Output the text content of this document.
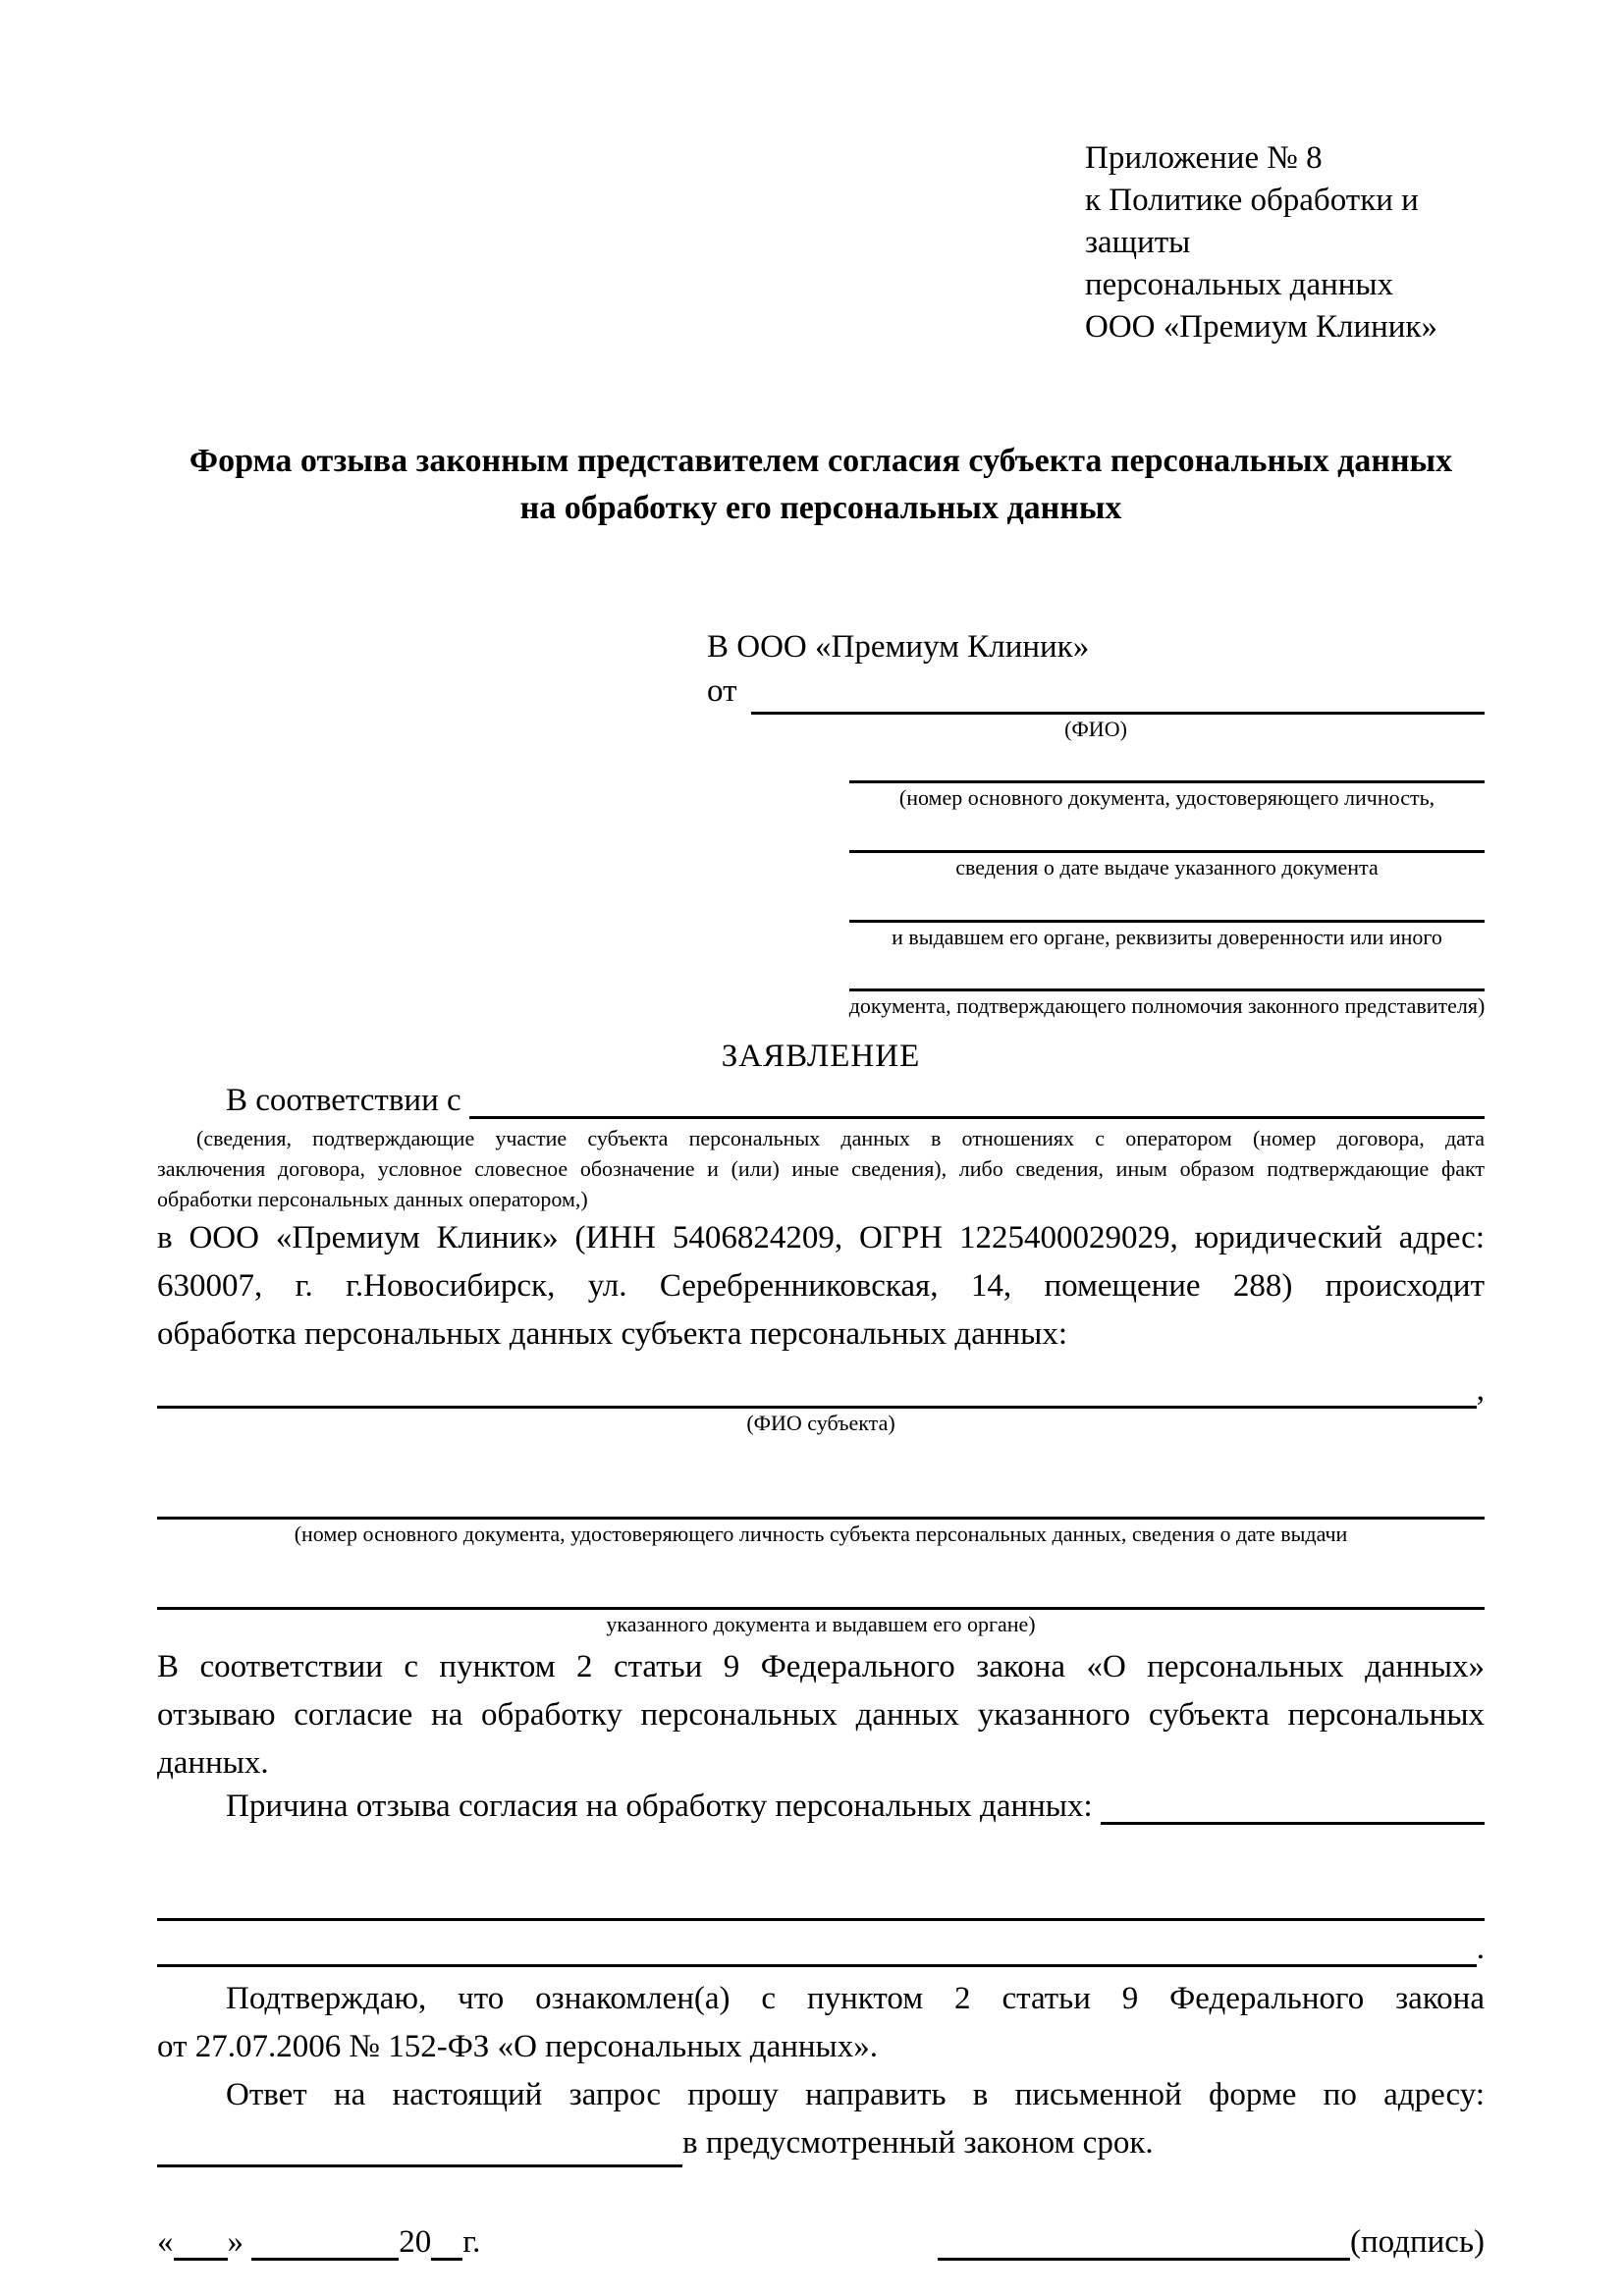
Приложение № 8
к Политике обработки и защиты
персональных данных
ООО «Премиум Клиник»
Форма отзыва законным представителем согласия субъекта персональных данных на обработку его персональных данных
В ООО «Премиум Клиник»
от
(ФИО)
(номер основного документа, удостоверяющего личность,
сведения о дате выдаче указанного документа
и выдавшем его органе, реквизиты доверенности или иного
документа, подтверждающего полномочия законного представителя)
ЗАЯВЛЕНИЕ
В соответствии с
(сведения, подтверждающие участие субъекта персональных данных в отношениях с оператором (номер договора, дата
заключения договора, условное словесное обозначение и (или) иные сведения), либо сведения, иным образом подтверждающие факт
обработки персональных данных оператором,)
в ООО «Премиум Клиник» (ИНН 5406824209, ОГРН 1225400029029, юридический адрес:
630007, г. г.Новосибирск, ул. Серебренниковская, 14, помещение 288) происходит
обработка персональных данных субъекта персональных данных:
,
(ФИО субъекта)
(номер основного документа, удостоверяющего личность субъекта персональных данных, сведения о дате выдачи
указанного документа и выдавшем его органе)
В соответствии с пунктом 2 статьи 9 Федерального закона «О персональных данных»
отзываю согласие на обработку персональных данных указанного субъекта персональных
данных.
Причина отзыва согласия на обработку персональных данных:
.
Подтверждаю, что ознакомлен(а) с пунктом 2 статьи 9 Федерального закона
от 27.07.2006 № 152-ФЗ «О персональных данных».
Ответ на настоящий запрос прошу направить в письменной форме по адресу:
в предусмотренный законом срок.
« »	20 г.	(подпись)
